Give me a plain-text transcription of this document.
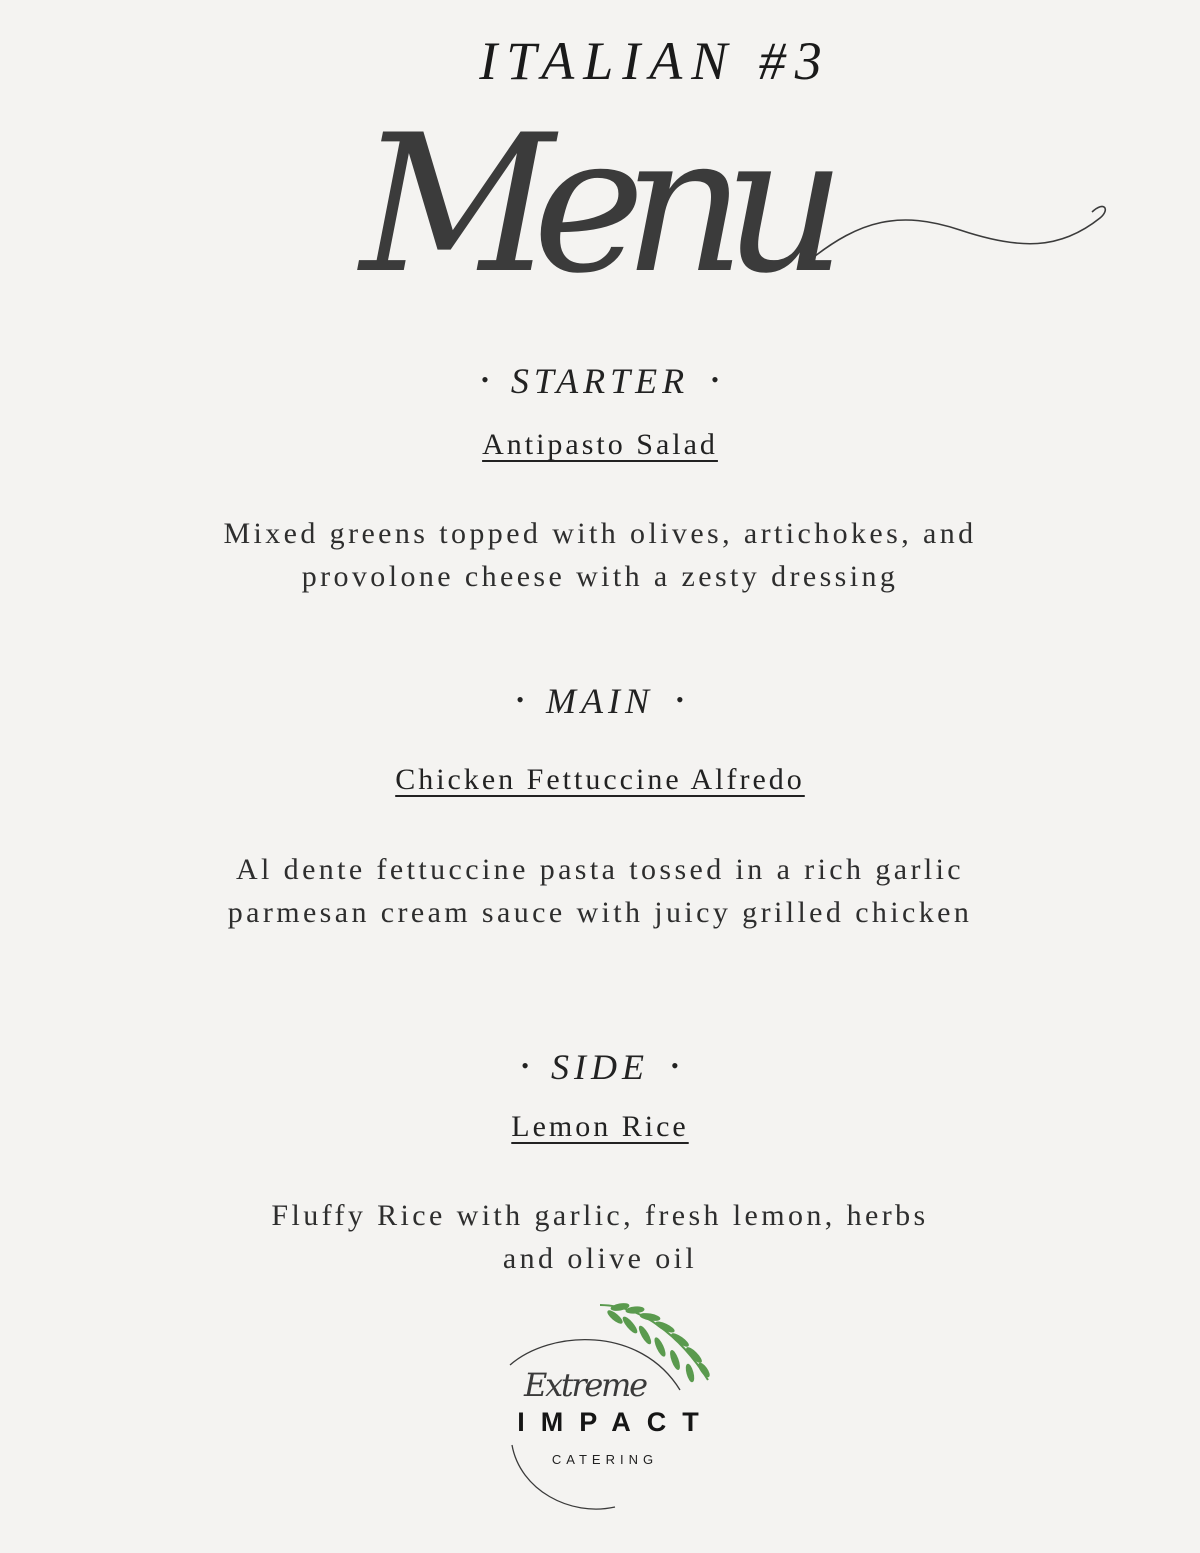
ITALIAN #3
Menu
• STARTER •
Antipasto Salad
Mixed greens topped with olives, artichokes, and
provolone cheese with a zesty dressing
• MAIN •
Chicken Fettuccine Alfredo
Al dente fettuccine pasta tossed in a rich garlic
parmesan cream sauce with juicy grilled chicken
• SIDE •
Lemon Rice
Fluffy Rice with garlic, fresh lemon, herbs
and olive oil
Extreme
IMPACT
CATERING
